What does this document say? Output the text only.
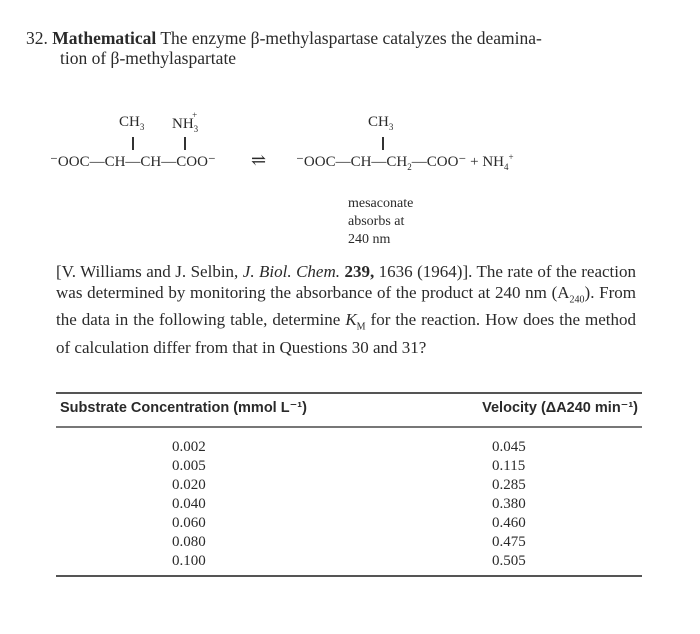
32. Mathematical The enzyme β-methylaspartase catalyzes the deamina-
tion of β-methylaspartate
$CH_3$ $NH_3^+$
⁻OOC—CH—CH—COO⁻ ⇌
$CH_3$
$^-OOC—CH—CH_2—COO^- + NH_4^+$
mesaconate
absorbs at
240 nm
[V. Williams and J. Selbin, J. Biol. Chem. 239, 1636 (1964)]. The rate of the reaction was determined by monitoring the absorbance of the product at 240 nm $(A_{240})$. From the data in the following table, determine $K_M$ for the reaction. How does the method of calculation differ from that in Questions 30 and 31?
Substrate Concentration (mmol L⁻¹)	Velocity (ΔA240 min⁻¹)
0.002	0.045
0.005	0.115
0.020	0.285
0.040	0.380
0.060	0.460
0.080	0.475
0.100	0.505
